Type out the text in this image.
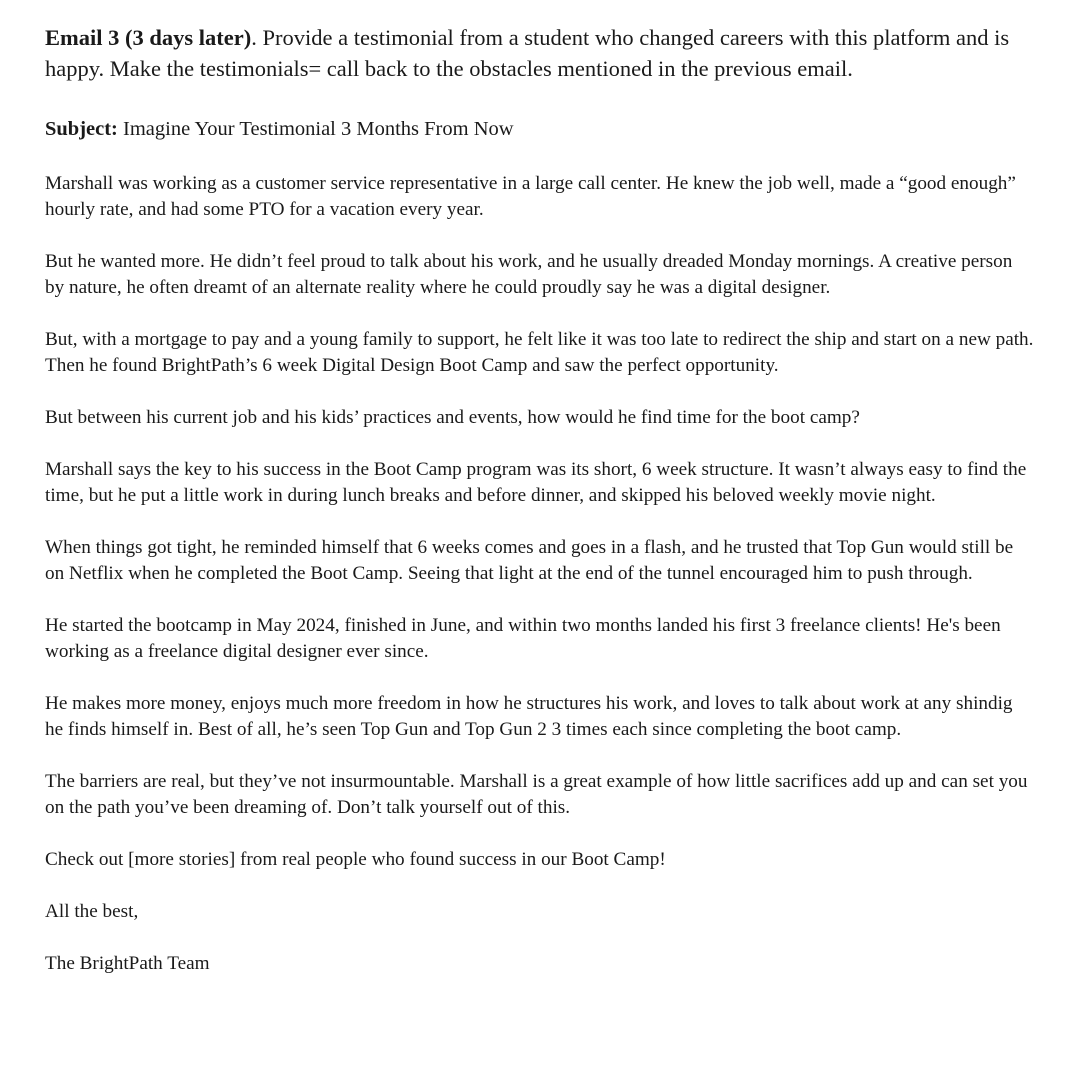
Email 3 (3 days later). Provide a testimonial from a student who changed careers with this platform and is happy. Make the testimonials= call back to the obstacles mentioned in the previous email.

Subject: Imagine Your Testimonial 3 Months From Now

Marshall was working as a customer service representative in a large call center. He knew the job well, made a “good enough” hourly rate, and had some PTO for a vacation every year.

But he wanted more. He didn’t feel proud to talk about his work, and he usually dreaded Monday mornings. A creative person by nature, he often dreamt of an alternate reality where he could proudly say he was a digital designer.

But, with a mortgage to pay and a young family to support, he felt like it was too late to redirect the ship and start on a new path. Then he found BrightPath’s 6 week Digital Design Boot Camp and saw the perfect opportunity.

But between his current job and his kids’ practices and events, how would he find time for the boot camp?

Marshall says the key to his success in the Boot Camp program was its short, 6 week structure. It wasn’t always easy to find the time, but he put a little work in during lunch breaks and before dinner, and skipped his beloved weekly movie night.

When things got tight, he reminded himself that 6 weeks comes and goes in a flash, and he trusted that Top Gun would still be on Netflix when he completed the Boot Camp. Seeing that light at the end of the tunnel encouraged him to push through.

He started the bootcamp in May 2024, finished in June, and within two months landed his first 3 freelance clients! He's been working as a freelance digital designer ever since.

He makes more money, enjoys much more freedom in how he structures his work, and loves to talk about work at any shindig he finds himself in. Best of all, he’s seen Top Gun and Top Gun 2 3 times each since completing the boot camp.

The barriers are real, but they’ve not insurmountable. Marshall is a great example of how little sacrifices add up and can set you on the path you’ve been dreaming of. Don’t talk yourself out of this.

Check out [more stories] from real people who found success in our Boot Camp!

All the best,

The BrightPath Team
